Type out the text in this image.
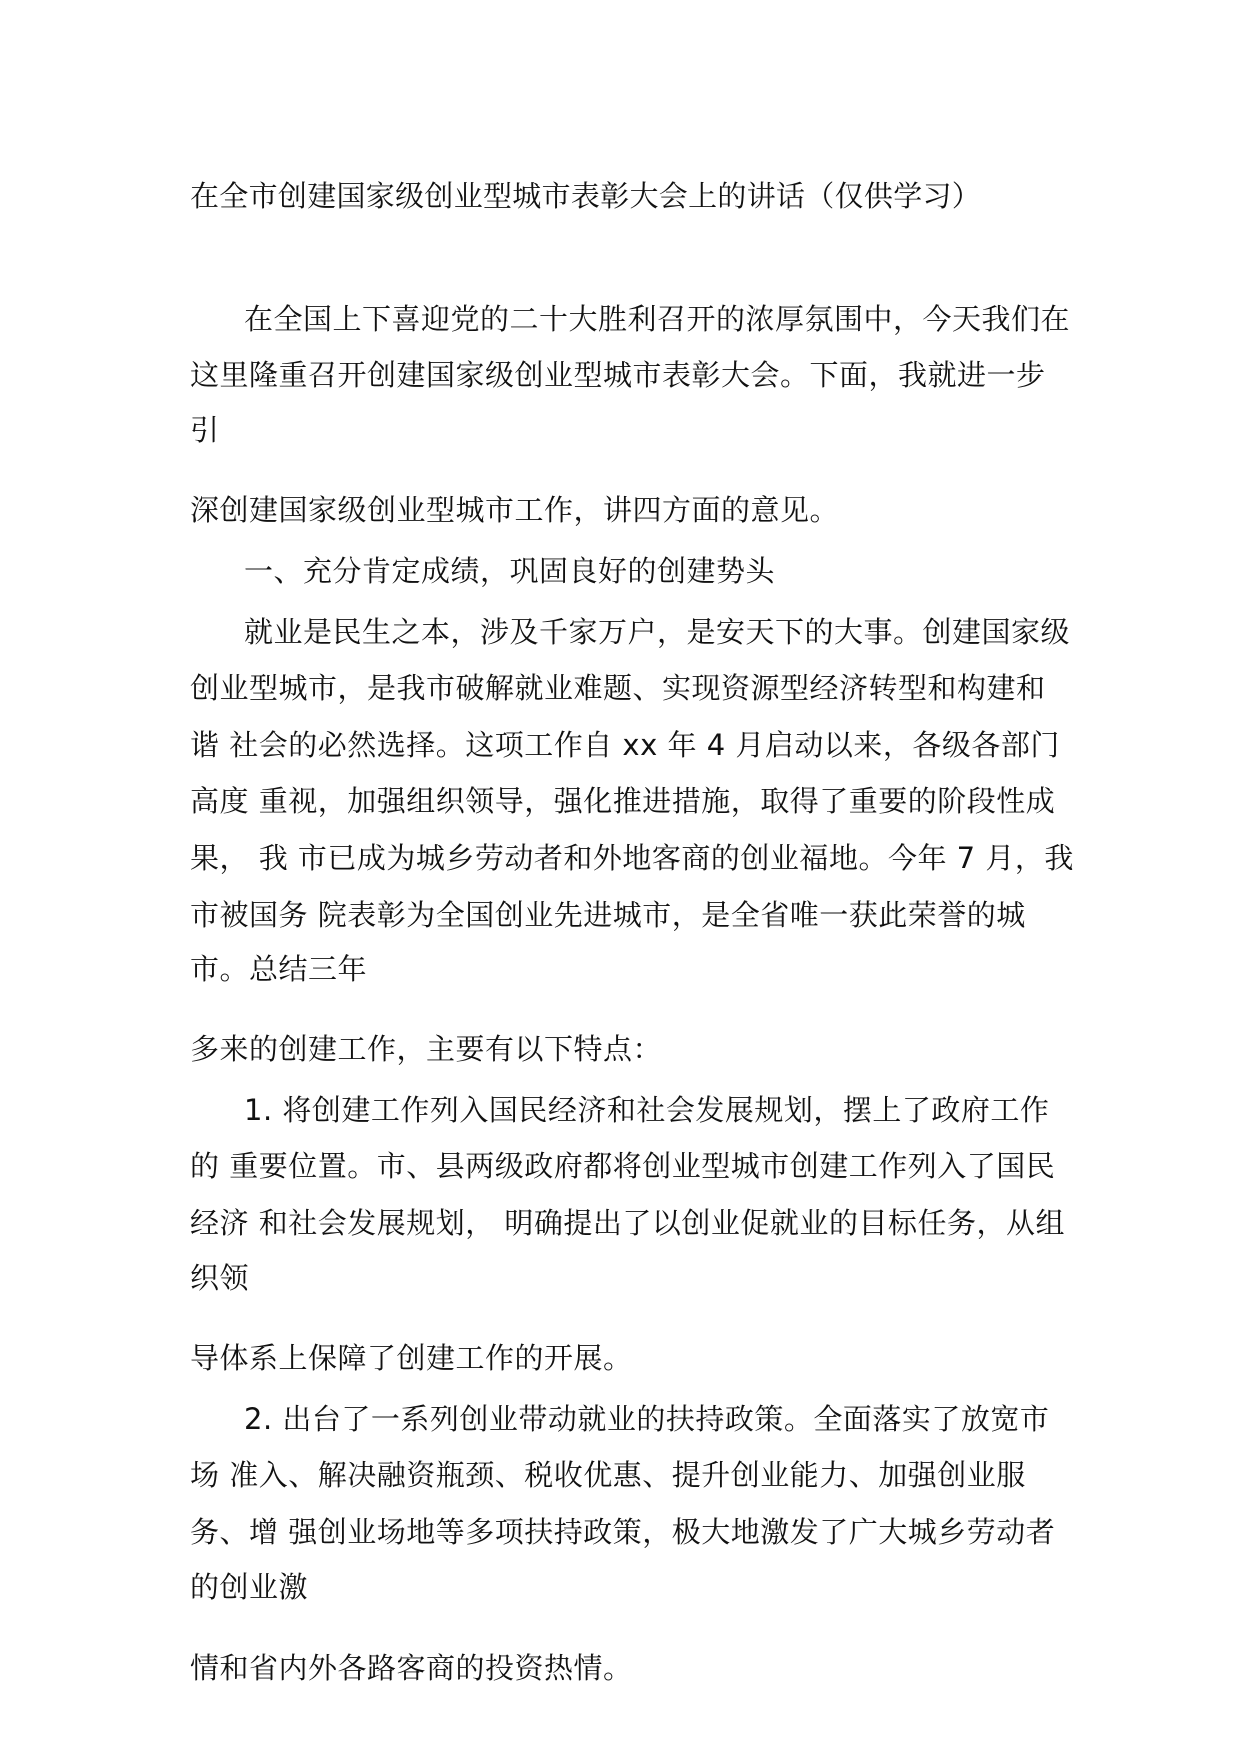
在全市创建国家级创业型城市表彰大会上的讲话（仅供学习）
在全国上下喜迎党的二十大胜利召开的浓厚氛围中，今天我们在
这里隆重召开创建国家级创业型城市表彰大会。下面，我就进一步
引
深创建国家级创业型城市工作，讲四方面的意见。
一、充分肯定成绩，巩固良好的创建势头
就业是民生之本，涉及千家万户，是安天下的大事。创建国家级
创业型城市，是我市破解就业难题、实现资源型经济转型和构建和
谐 社会的必然选择。这项工作自 xx 年 4 月启动以来，各级各部门
高度 重视，加强组织领导，强化推进措施，取得了重要的阶段性成
果， 我 市已成为城乡劳动者和外地客商的创业福地。今年 7 月，我
市被国务 院表彰为全国创业先进城市，是全省唯一获此荣誉的城
市。总结三年
多来的创建工作，主要有以下特点：
1. 将创建工作列入国民经济和社会发展规划，摆上了政府工作
的 重要位置。市、县两级政府都将创业型城市创建工作列入了国民
经济 和社会发展规划， 明确提出了以创业促就业的目标任务，从组
织领
导体系上保障了创建工作的开展。
2. 出台了一系列创业带动就业的扶持政策。全面落实了放宽市
场 准入、解决融资瓶颈、税收优惠、提升创业能力、加强创业服
务、增 强创业场地等多项扶持政策，极大地激发了广大城乡劳动者
的创业激
情和省内外各路客商的投资热情。
